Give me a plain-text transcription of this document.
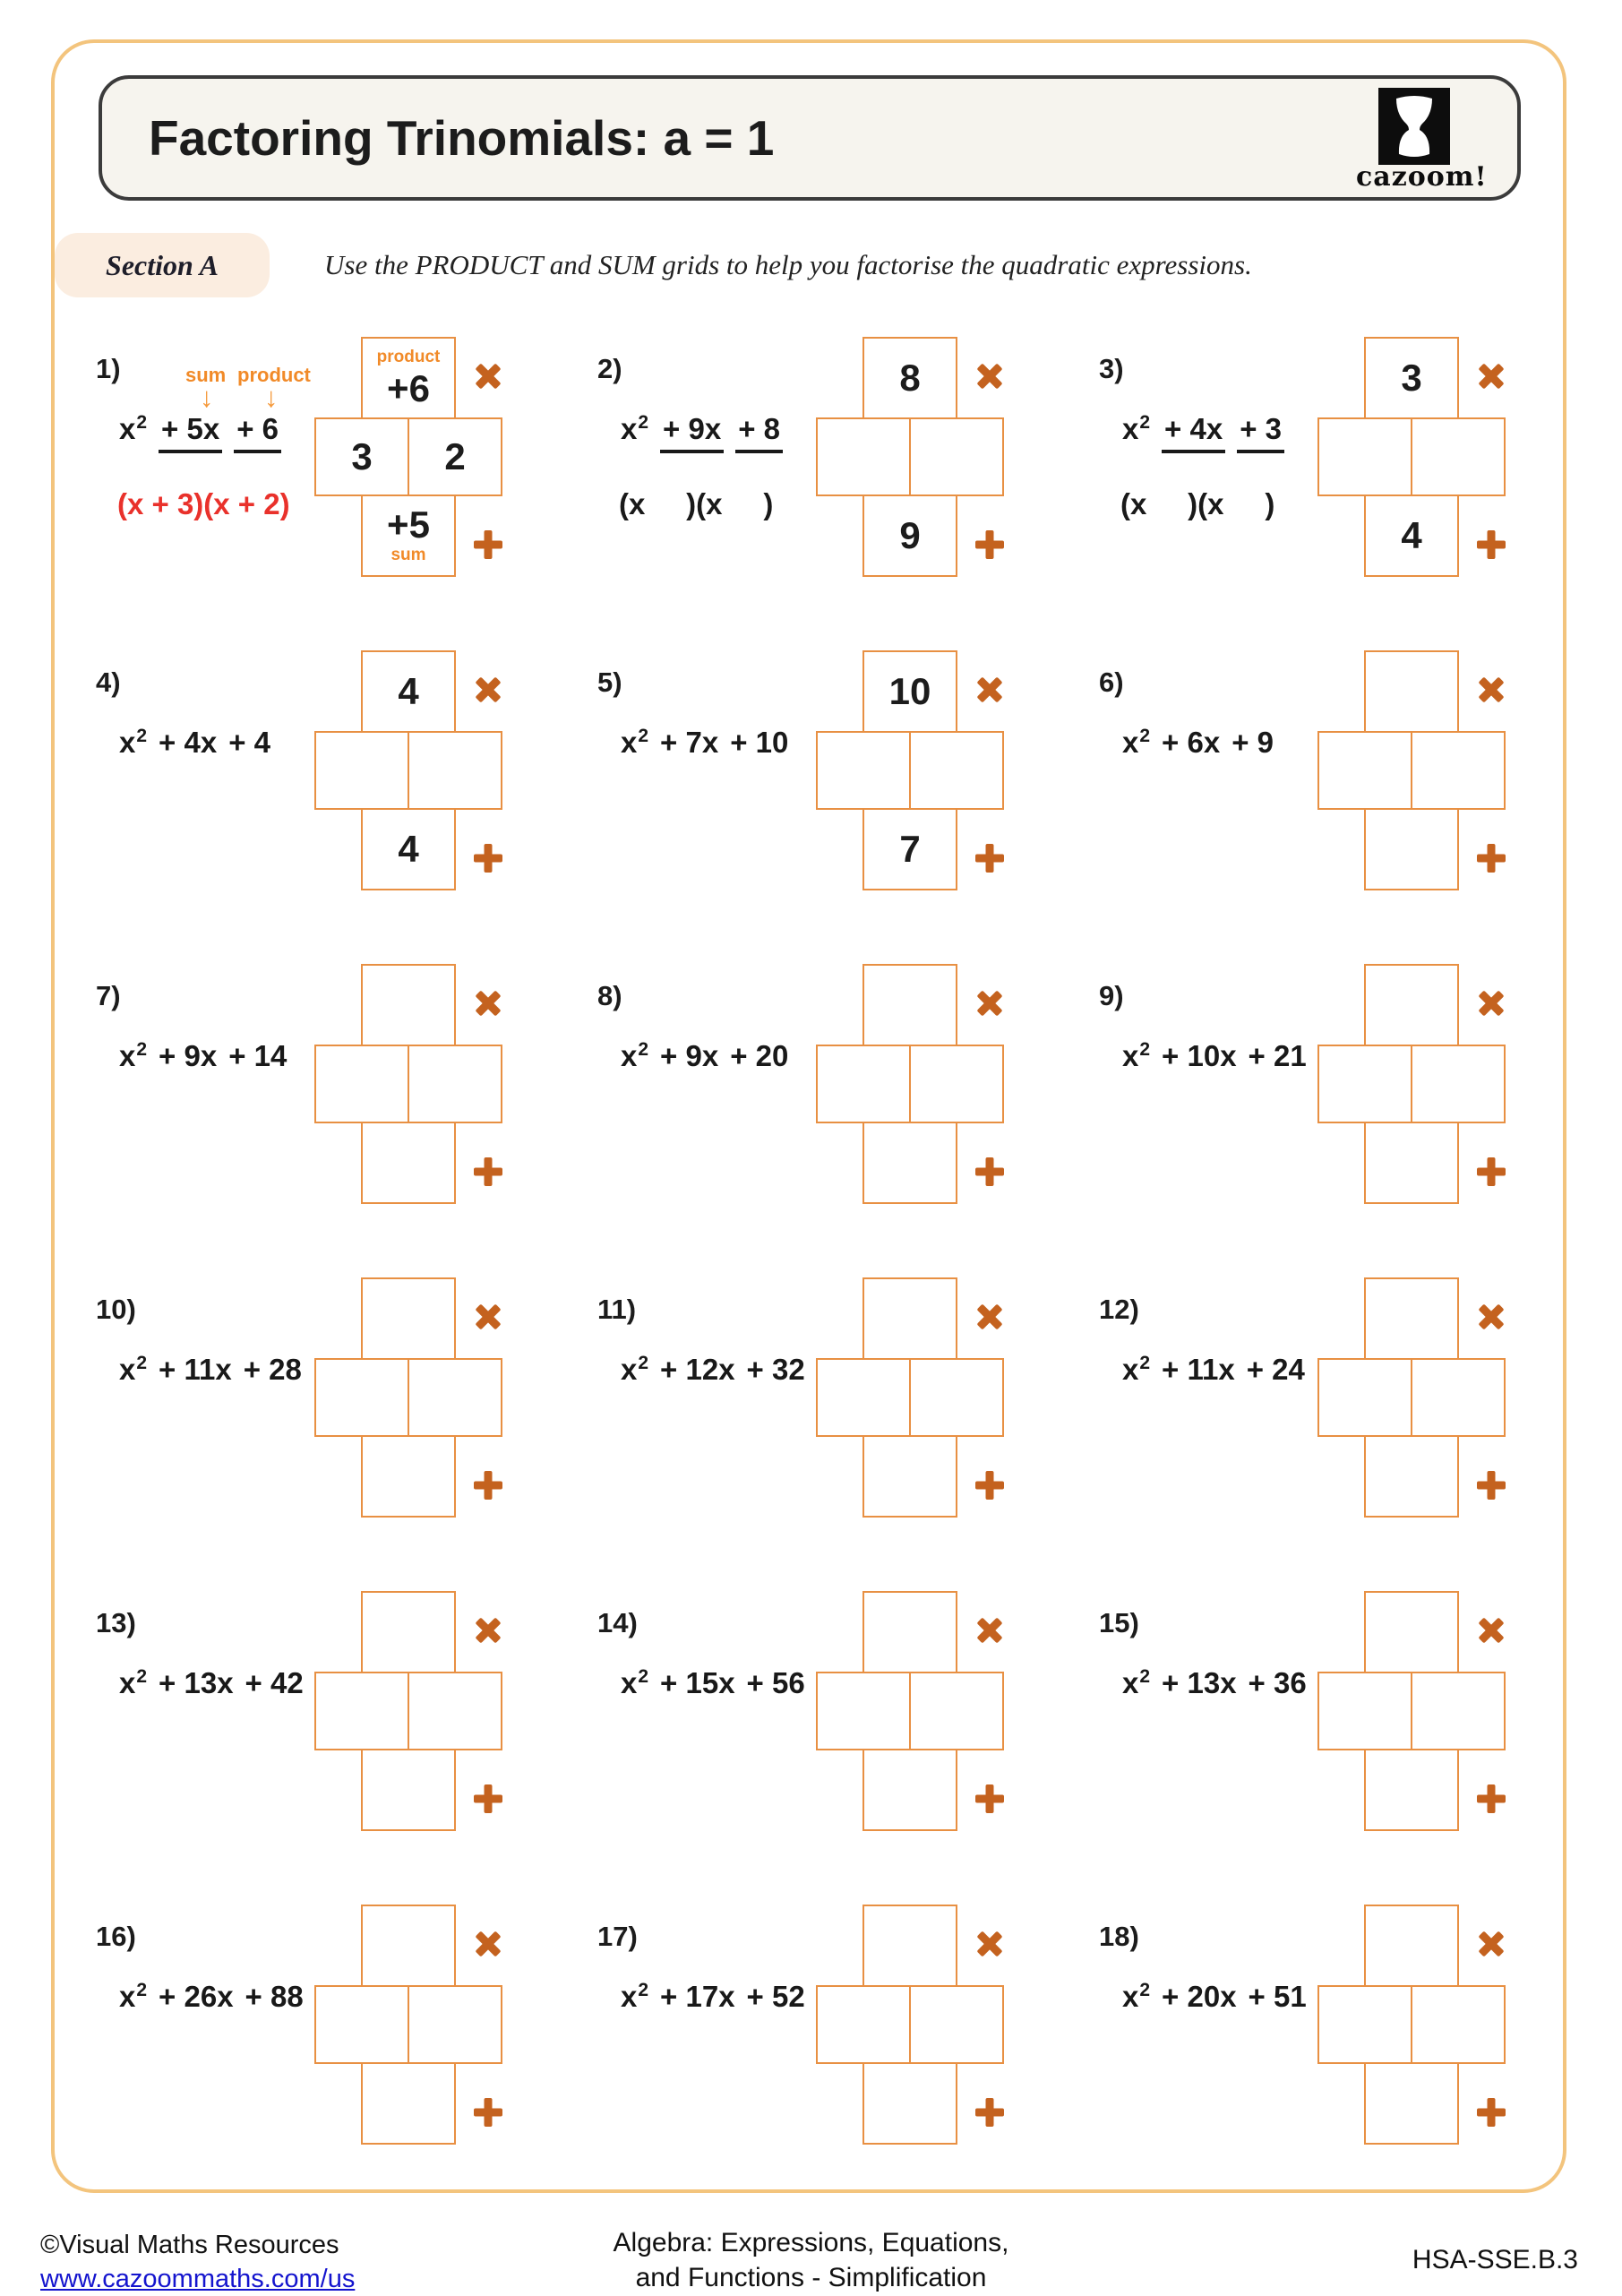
Factoring Trinomials: a = 1
cazoom!
Section A	Use the PRODUCT and SUM grids to help you factorise the quadratic expressions.
1)	sum product
↓ ↓
$x^2 + 5x + 6$
(x + 3)(x + 2)
product
+6
3 2
+5
sum
2)
$x^2 + 9x + 8$
(x     )(x     )
8
9
3)
$x^2 + 4x + 3$
(x     )(x     )
3
4
4)
$x^2 + 4x + 4$
4
4
5)
$x^2 + 7x + 10$
10
7
6)
$x^2 + 6x + 9$
7)
$x^2 + 9x + 14$
8)
$x^2 + 9x + 20$
9)
$x^2 + 10x + 21$
10)
$x^2 + 11x + 28$
11)
$x^2 + 12x + 32$
12)
$x^2 + 11x + 24$
13)
$x^2 + 13x + 42$
14)
$x^2 + 15x + 56$
15)
$x^2 + 13x + 36$
16)
$x^2 + 26x + 88$
17)
$x^2 + 17x + 52$
18)
$x^2 + 20x + 51$
©Visual Maths Resources
www.cazoommaths.com/us
Algebra: Expressions, Equations,
and Functions - Simplification
HSA-SSE.B.3
